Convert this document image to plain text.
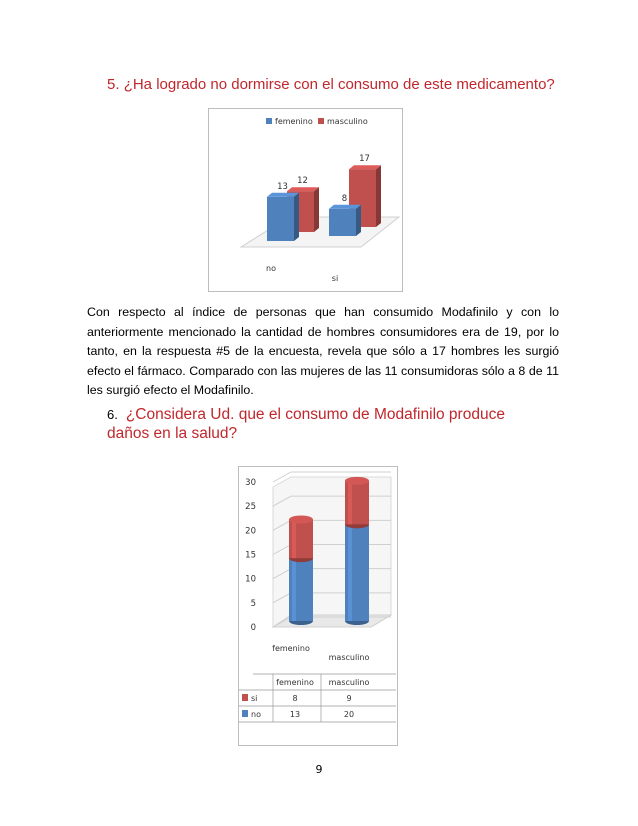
5. ¿Ha logrado no dormirse con el consumo de este medicamento?
femenino masculino
12
17
13
8
no
si
Con respecto al índice de personas que han consumido Modafinilo y con lo anteriormente mencionado la cantidad de hombres consumidores era de 19, por lo tanto, en la respuesta #5 de la encuesta, revela que sólo a 17 hombres les surgió efecto el fármaco. Comparado con las mujeres de las 11 consumidoras sólo a 8 de 11 les surgió efecto el Modafinilo.
6. ¿Considera Ud. que el consumo de Modafinilo produce daños en la salud?
0
5
10
15
20
25
30
femenino
masculino
femenino masculino
si	8	9
no	13	20
9
